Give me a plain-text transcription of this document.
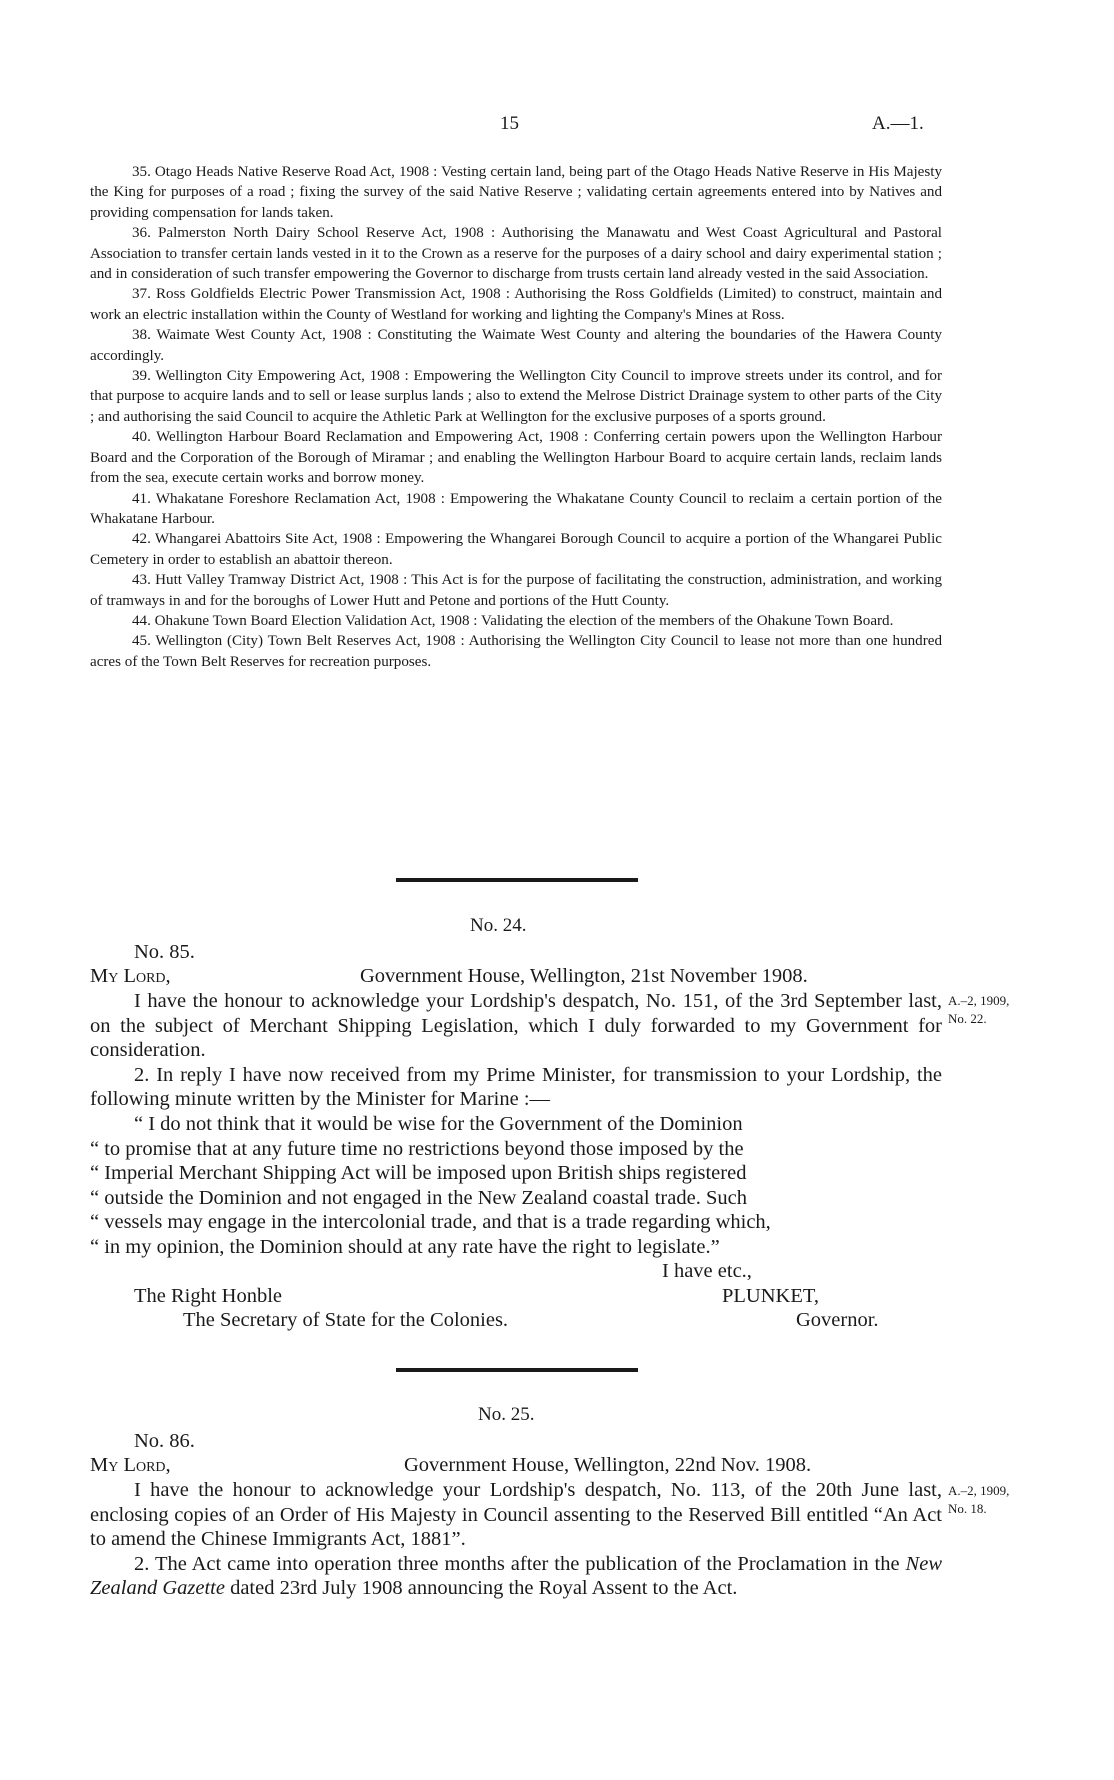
15	A.—1.

35. Otago Heads Native Reserve Road Act, 1908 : Vesting certain land, being part of the Otago Heads Native Reserve in His Majesty the King for purposes of a road ; fixing the survey of the said Native Reserve ; validating certain agreements entered into by Natives and providing compensation for lands taken.

36. Palmerston North Dairy School Reserve Act, 1908 : Authorising the Manawatu and West Coast Agricultural and Pastoral Association to transfer certain lands vested in it to the Crown as a reserve for the purposes of a dairy school and dairy experimental station ; and in consideration of such transfer empowering the Governor to discharge from trusts certain land already vested in the said Association.

37. Ross Goldfields Electric Power Transmission Act, 1908 : Authorising the Ross Goldfields (Limited) to construct, maintain and work an electric installation within the County of Westland for working and lighting the Company's Mines at Ross.

38. Waimate West County Act, 1908 : Constituting the Waimate West County and altering the boundaries of the Hawera County accordingly.

39. Wellington City Empowering Act, 1908 : Empowering the Wellington City Council to improve streets under its control, and for that purpose to acquire lands and to sell or lease surplus lands ; also to extend the Melrose District Drainage system to other parts of the City ; and authorising the said Council to acquire the Athletic Park at Wellington for the exclusive purposes of a sports ground.

40. Wellington Harbour Board Reclamation and Empowering Act, 1908 : Conferring certain powers upon the Wellington Harbour Board and the Corporation of the Borough of Miramar ; and enabling the Wellington Harbour Board to acquire certain lands, reclaim lands from the sea, execute certain works and borrow money.

41. Whakatane Foreshore Reclamation Act, 1908 : Empowering the Whakatane County Council to reclaim a certain portion of the Whakatane Harbour.

42. Whangarei Abattoirs Site Act, 1908 : Empowering the Whangarei Borough Council to acquire a portion of the Whangarei Public Cemetery in order to establish an abattoir thereon.

43. Hutt Valley Tramway District Act, 1908 : This Act is for the purpose of facilitating the construction, administration, and working of tramways in and for the boroughs of Lower Hutt and Petone and portions of the Hutt County.

44. Ohakune Town Board Election Validation Act, 1908 : Validating the election of the members of the Ohakune Town Board.

45. Wellington (City) Town Belt Reserves Act, 1908 : Authorising the Wellington City Council to lease not more than one hundred acres of the Town Belt Reserves for recreation purposes.

No. 24.
No. 85.
My Lord,	Government House, Wellington, 21st November 1908.

I have the honour to acknowledge your Lordship's despatch, No. 151, of the 3rd September last, on the subject of Merchant Shipping Legislation, which I duly forwarded to my Government for consideration.

2. In reply I have now received from my Prime Minister, for transmission to your Lordship, the following minute written by the Minister for Marine :—

“ I do not think that it would be wise for the Government of the Dominion

“ to promise that at any future time no restrictions beyond those imposed by the

“ Imperial Merchant Shipping Act will be imposed upon British ships registered

“ outside the Dominion and not engaged in the New Zealand coastal trade. Such

“ vessels may engage in the intercolonial trade, and that is a trade regarding which,

“ in my opinion, the Dominion should at any rate have the right to legislate.”

A.–2, 1909,
No. 22.
I have etc.,
The Right Honble
The Secretary of State for the Colonies.
PLUNKET,
Governor.
No. 25.
No. 86.
My Lord,	Government House, Wellington, 22nd Nov. 1908.

I have the honour to acknowledge your Lordship's despatch, No. 113, of the 20th June last, enclosing copies of an Order of His Majesty in Council assenting to the Reserved Bill entitled “An Act to amend the Chinese Immigrants Act, 1881”.

2. The Act came into operation three months after the publication of the Proclamation in the New Zealand Gazette dated 23rd July 1908 announcing the Royal Assent to the Act.

A.–2, 1909,
No. 18.
